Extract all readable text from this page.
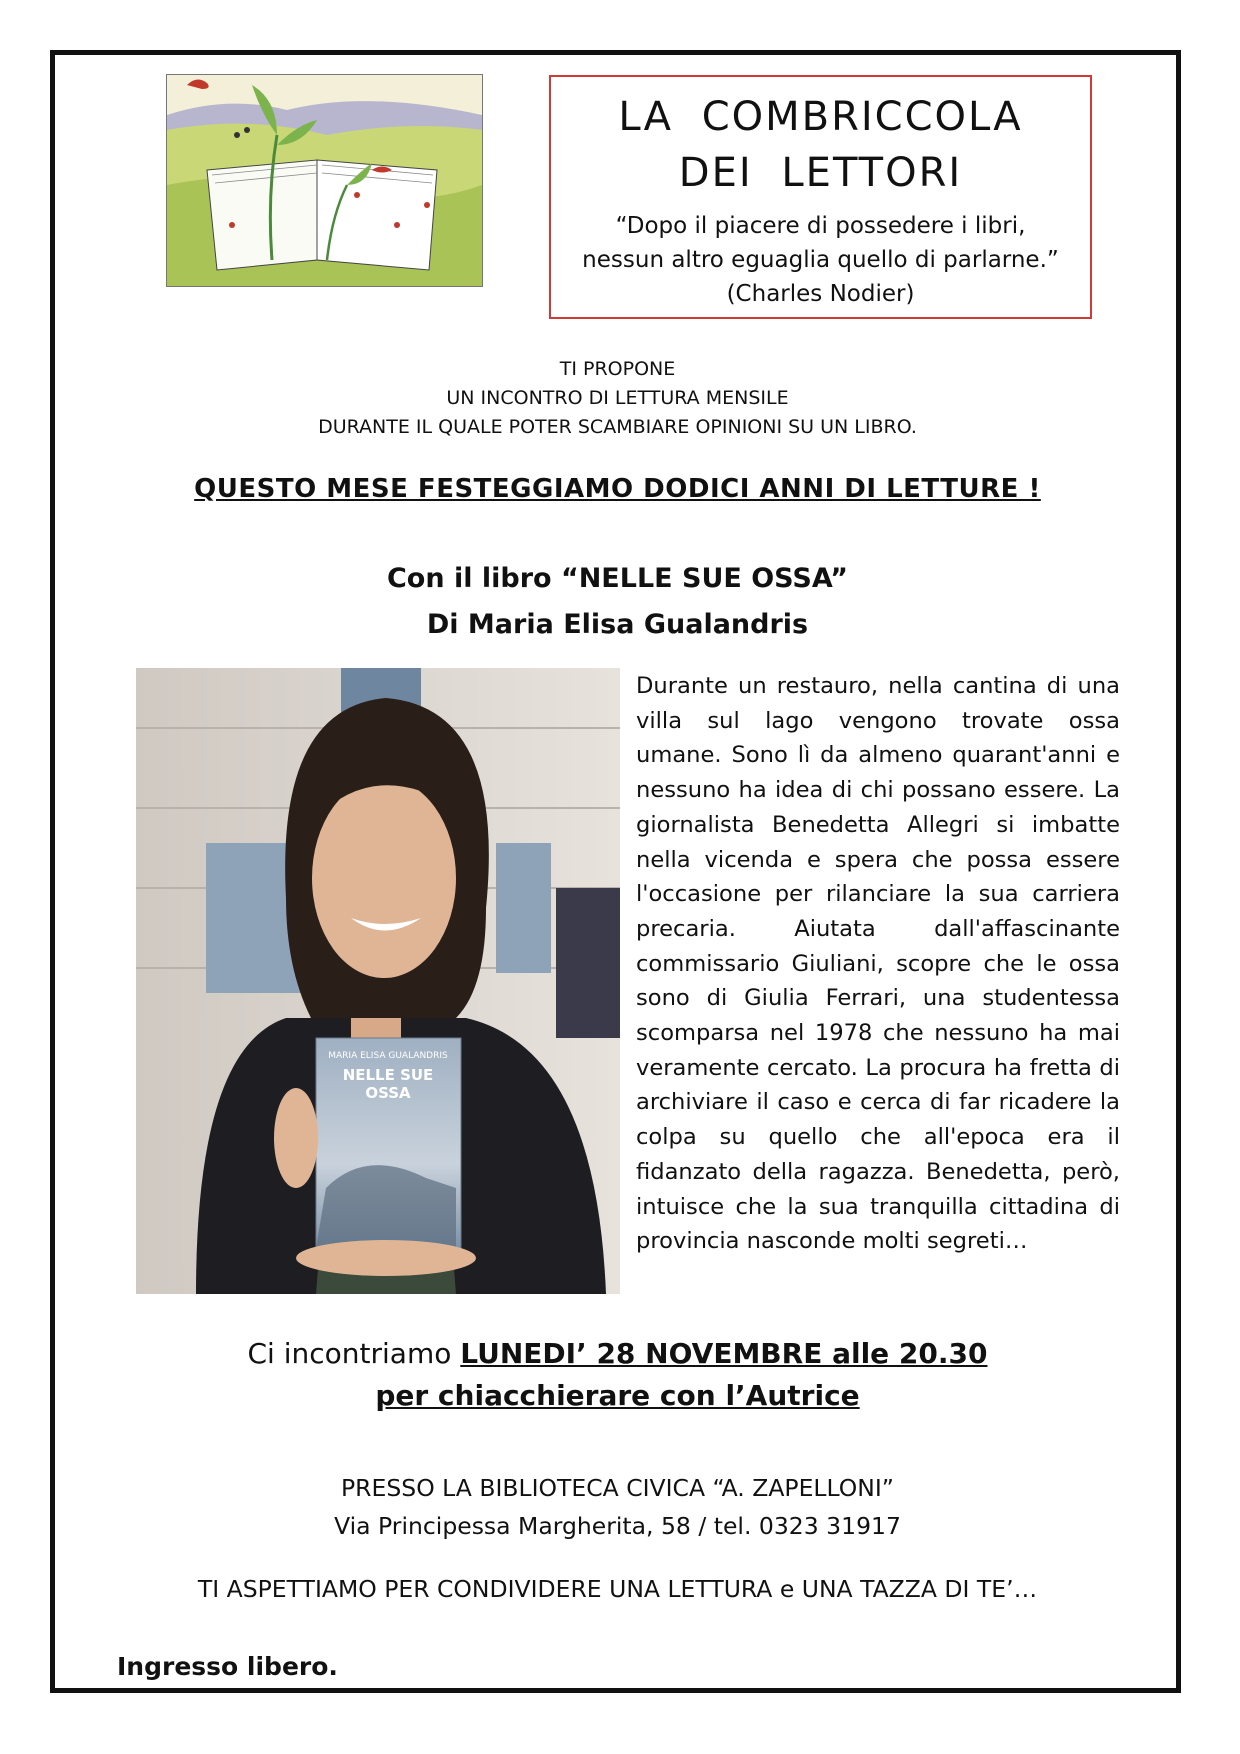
LA COMBRICCOLA
DEI LETTORI
“Dopo il piacere di possedere i libri,
nessun altro eguaglia quello di parlarne.”
(Charles Nodier)
TI PROPONE
UN INCONTRO DI LETTURA MENSILE
DURANTE IL QUALE POTER SCAMBIARE OPINIONI SU UN LIBRO.
QUESTO MESE FESTEGGIAMO DODICI ANNI DI LETTURE !
Con il libro “NELLE SUE OSSA”
Di Maria Elisa Gualandris
MARIA ELISA GUALANDRIS
NELLE SUE
OSSA

Durante un restauro, nella cantina di una villa sul lago vengono trovate ossa umane. Sono lì da almeno quarant'anni e nessuno ha idea di chi possano essere. La giornalista Benedetta Allegri si imbatte nella vicenda e spera che possa essere l'occasione per rilanciare la sua carriera precaria. Aiutata dall'affascinante commissario Giuliani, scopre che le ossa sono di Giulia Ferrari, una studentessa scomparsa nel 1978 che nessuno ha mai veramente cercato. La procura ha fretta di archiviare il caso e cerca di far ricadere la colpa su quello che all'epoca era il fidanzato della ragazza. Benedetta, però, intuisce che la sua tranquilla cittadina di provincia nasconde molti segreti…

Ci incontriamo LUNEDI’ 28 NOVEMBRE alle 20.30
per chiacchierare con l’Autrice
PRESSO LA BIBLIOTECA CIVICA “A. ZAPELLONI”
Via Principessa Margherita, 58 / tel. 0323 31917
TI ASPETTIAMO PER CONDIVIDERE UNA LETTURA e UNA TAZZA DI TE’…
Ingresso libero.
